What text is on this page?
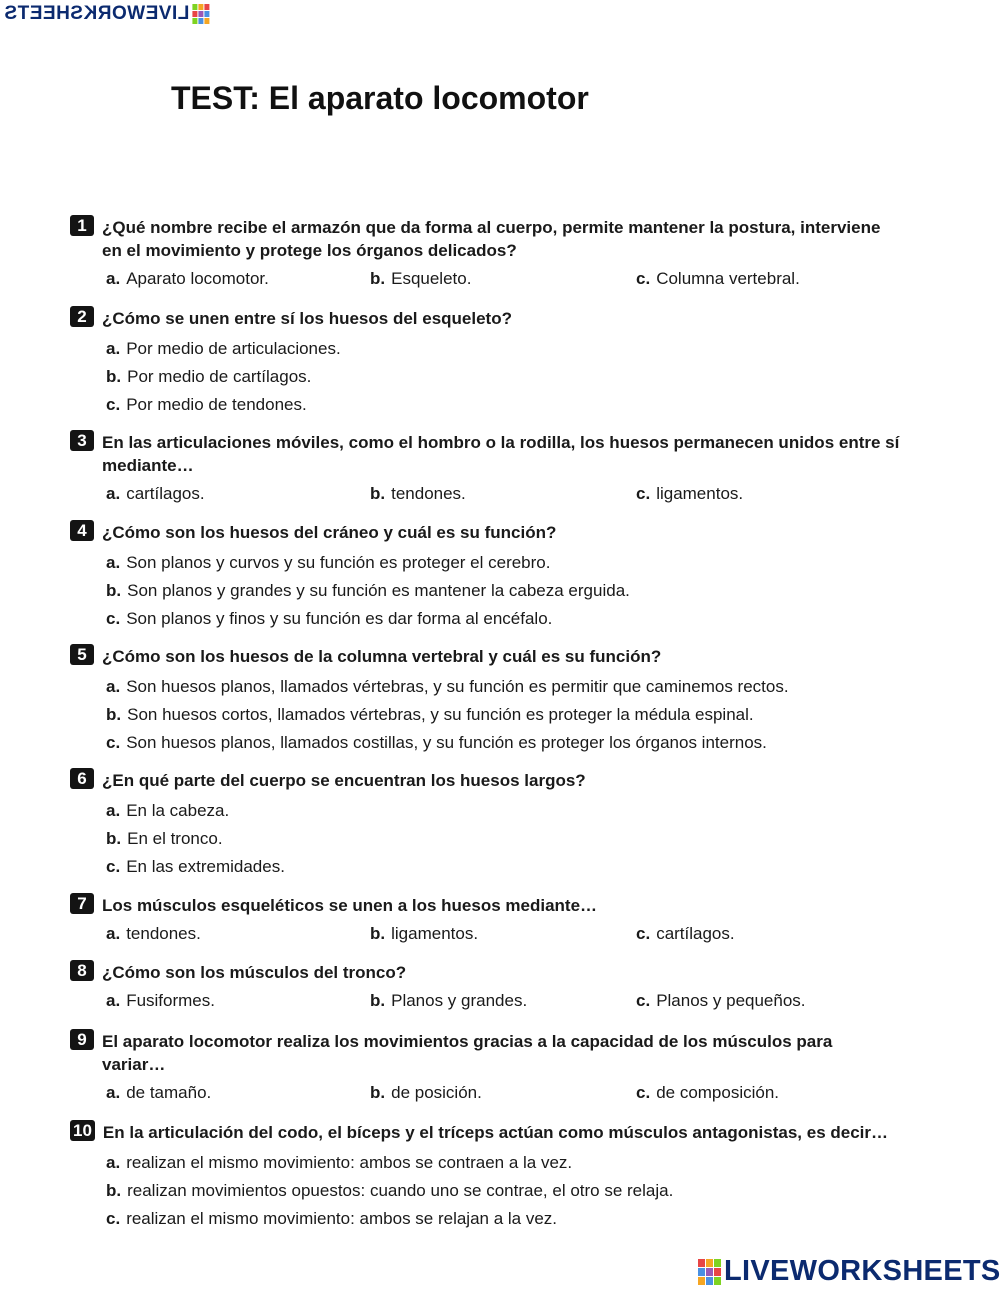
LIVEWORKSHEETS
TEST: El aparato locomotor
1 ¿Qué nombre recibe el armazón que da forma al cuerpo, permite mantener la postura, interviene en el movimiento y protege los órganos delicados?
a. Aparato locomotor.	b. Esqueleto.	c. Columna vertebral.
2 ¿Cómo se unen entre sí los huesos del esqueleto?
a. Por medio de articulaciones.
b. Por medio de cartílagos.
c. Por medio de tendones.
3 En las articulaciones móviles, como el hombro o la rodilla, los huesos permanecen unidos entre sí mediante…
a. cartílagos.	b. tendones.	c. ligamentos.
4 ¿Cómo son los huesos del cráneo y cuál es su función?
a. Son planos y curvos y su función es proteger el cerebro.
b. Son planos y grandes y su función es mantener la cabeza erguida.
c. Son planos y finos y su función es dar forma al encéfalo.
5 ¿Cómo son los huesos de la columna vertebral y cuál es su función?
a. Son huesos planos, llamados vértebras, y su función es permitir que caminemos rectos.
b. Son huesos cortos, llamados vértebras, y su función es proteger la médula espinal.
c. Son huesos planos, llamados costillas, y su función es proteger los órganos internos.
6 ¿En qué parte del cuerpo se encuentran los huesos largos?
a. En la cabeza.
b. En el tronco.
c. En las extremidades.
7 Los músculos esqueléticos se unen a los huesos mediante…
a. tendones.	b. ligamentos.	c. cartílagos.
8 ¿Cómo son los músculos del tronco?
a. Fusiformes.	b. Planos y grandes.	c. Planos y pequeños.
9 El aparato locomotor realiza los movimientos gracias a la capacidad de los músculos para variar…
a. de tamaño.	b. de posición.	c. de composición.
10 En la articulación del codo, el bíceps y el tríceps actúan como músculos antagonistas, es decir…
a. realizan el mismo movimiento: ambos se contraen a la vez.
b. realizan movimientos opuestos: cuando uno se contrae, el otro se relaja.
c. realizan el mismo movimiento: ambos se relajan a la vez.
LIVEWORKSHEETS
